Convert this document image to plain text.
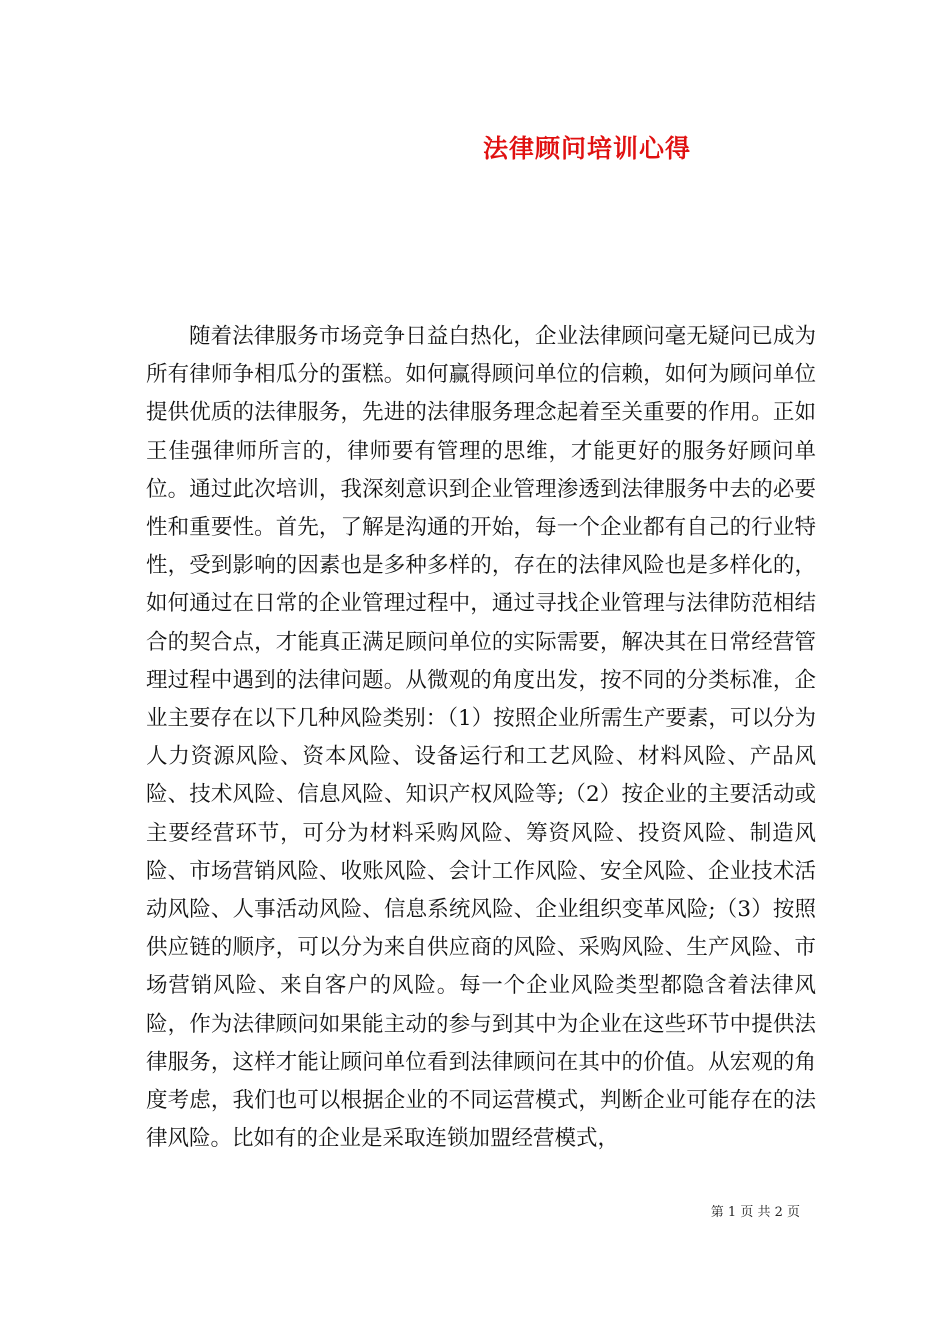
法律顾问培训心得

随着法律服务市场竞争日益白热化，企业法律顾问毫无疑问已成为所有律师争相瓜分的蛋糕。如何赢得顾问单位的信赖，如何为顾问单位提供优质的法律服务，先进的法律服务理念起着至关重要的作用。正如王佳强律师所言的，律师要有管理的思维，才能更好的服务好顾问单位。通过此次培训，我深刻意识到企业管理渗透到法律服务中去的必要性和重要性。首先，了解是沟通的开始，每一个企业都有自己的行业特性，受到影响的因素也是多种多样的，存在的法律风险也是多样化的，如何通过在日常的企业管理过程中，通过寻找企业管理与法律防范相结合的契合点，才能真正满足顾问单位的实际需要，解决其在日常经营管理过程中遇到的法律问题。从微观的角度出发，按不同的分类标准，企业主要存在以下几种风险类别：（1）按照企业所需生产要素，可以分为人力资源风险、资本风险、设备运行和工艺风险、材料风险、产品风险、技术风险、信息风险、知识产权风险等;（2）按企业的主要活动或主要经营环节，可分为材料采购风险、筹资风险、投资风险、制造风险、市场营销风险、收账风险、会计工作风险、安全风险、企业技术活动风险、人事活动风险、信息系统风险、企业组织变革风险;（3）按照供应链的顺序，可以分为来自供应商的风险、采购风险、生产风险、市场营销风险、来自客户的风险。每一个企业风险类型都隐含着法律风险，作为法律顾问如果能主动的参与到其中为企业在这些环节中提供法律服务，这样才能让顾问单位看到法律顾问在其中的价值。从宏观的角度考虑，我们也可以根据企业的不同运营模式，判断企业可能存在的法律风险。比如有的企业是采取连锁加盟经营模式，

第 1 页 共 2 页
